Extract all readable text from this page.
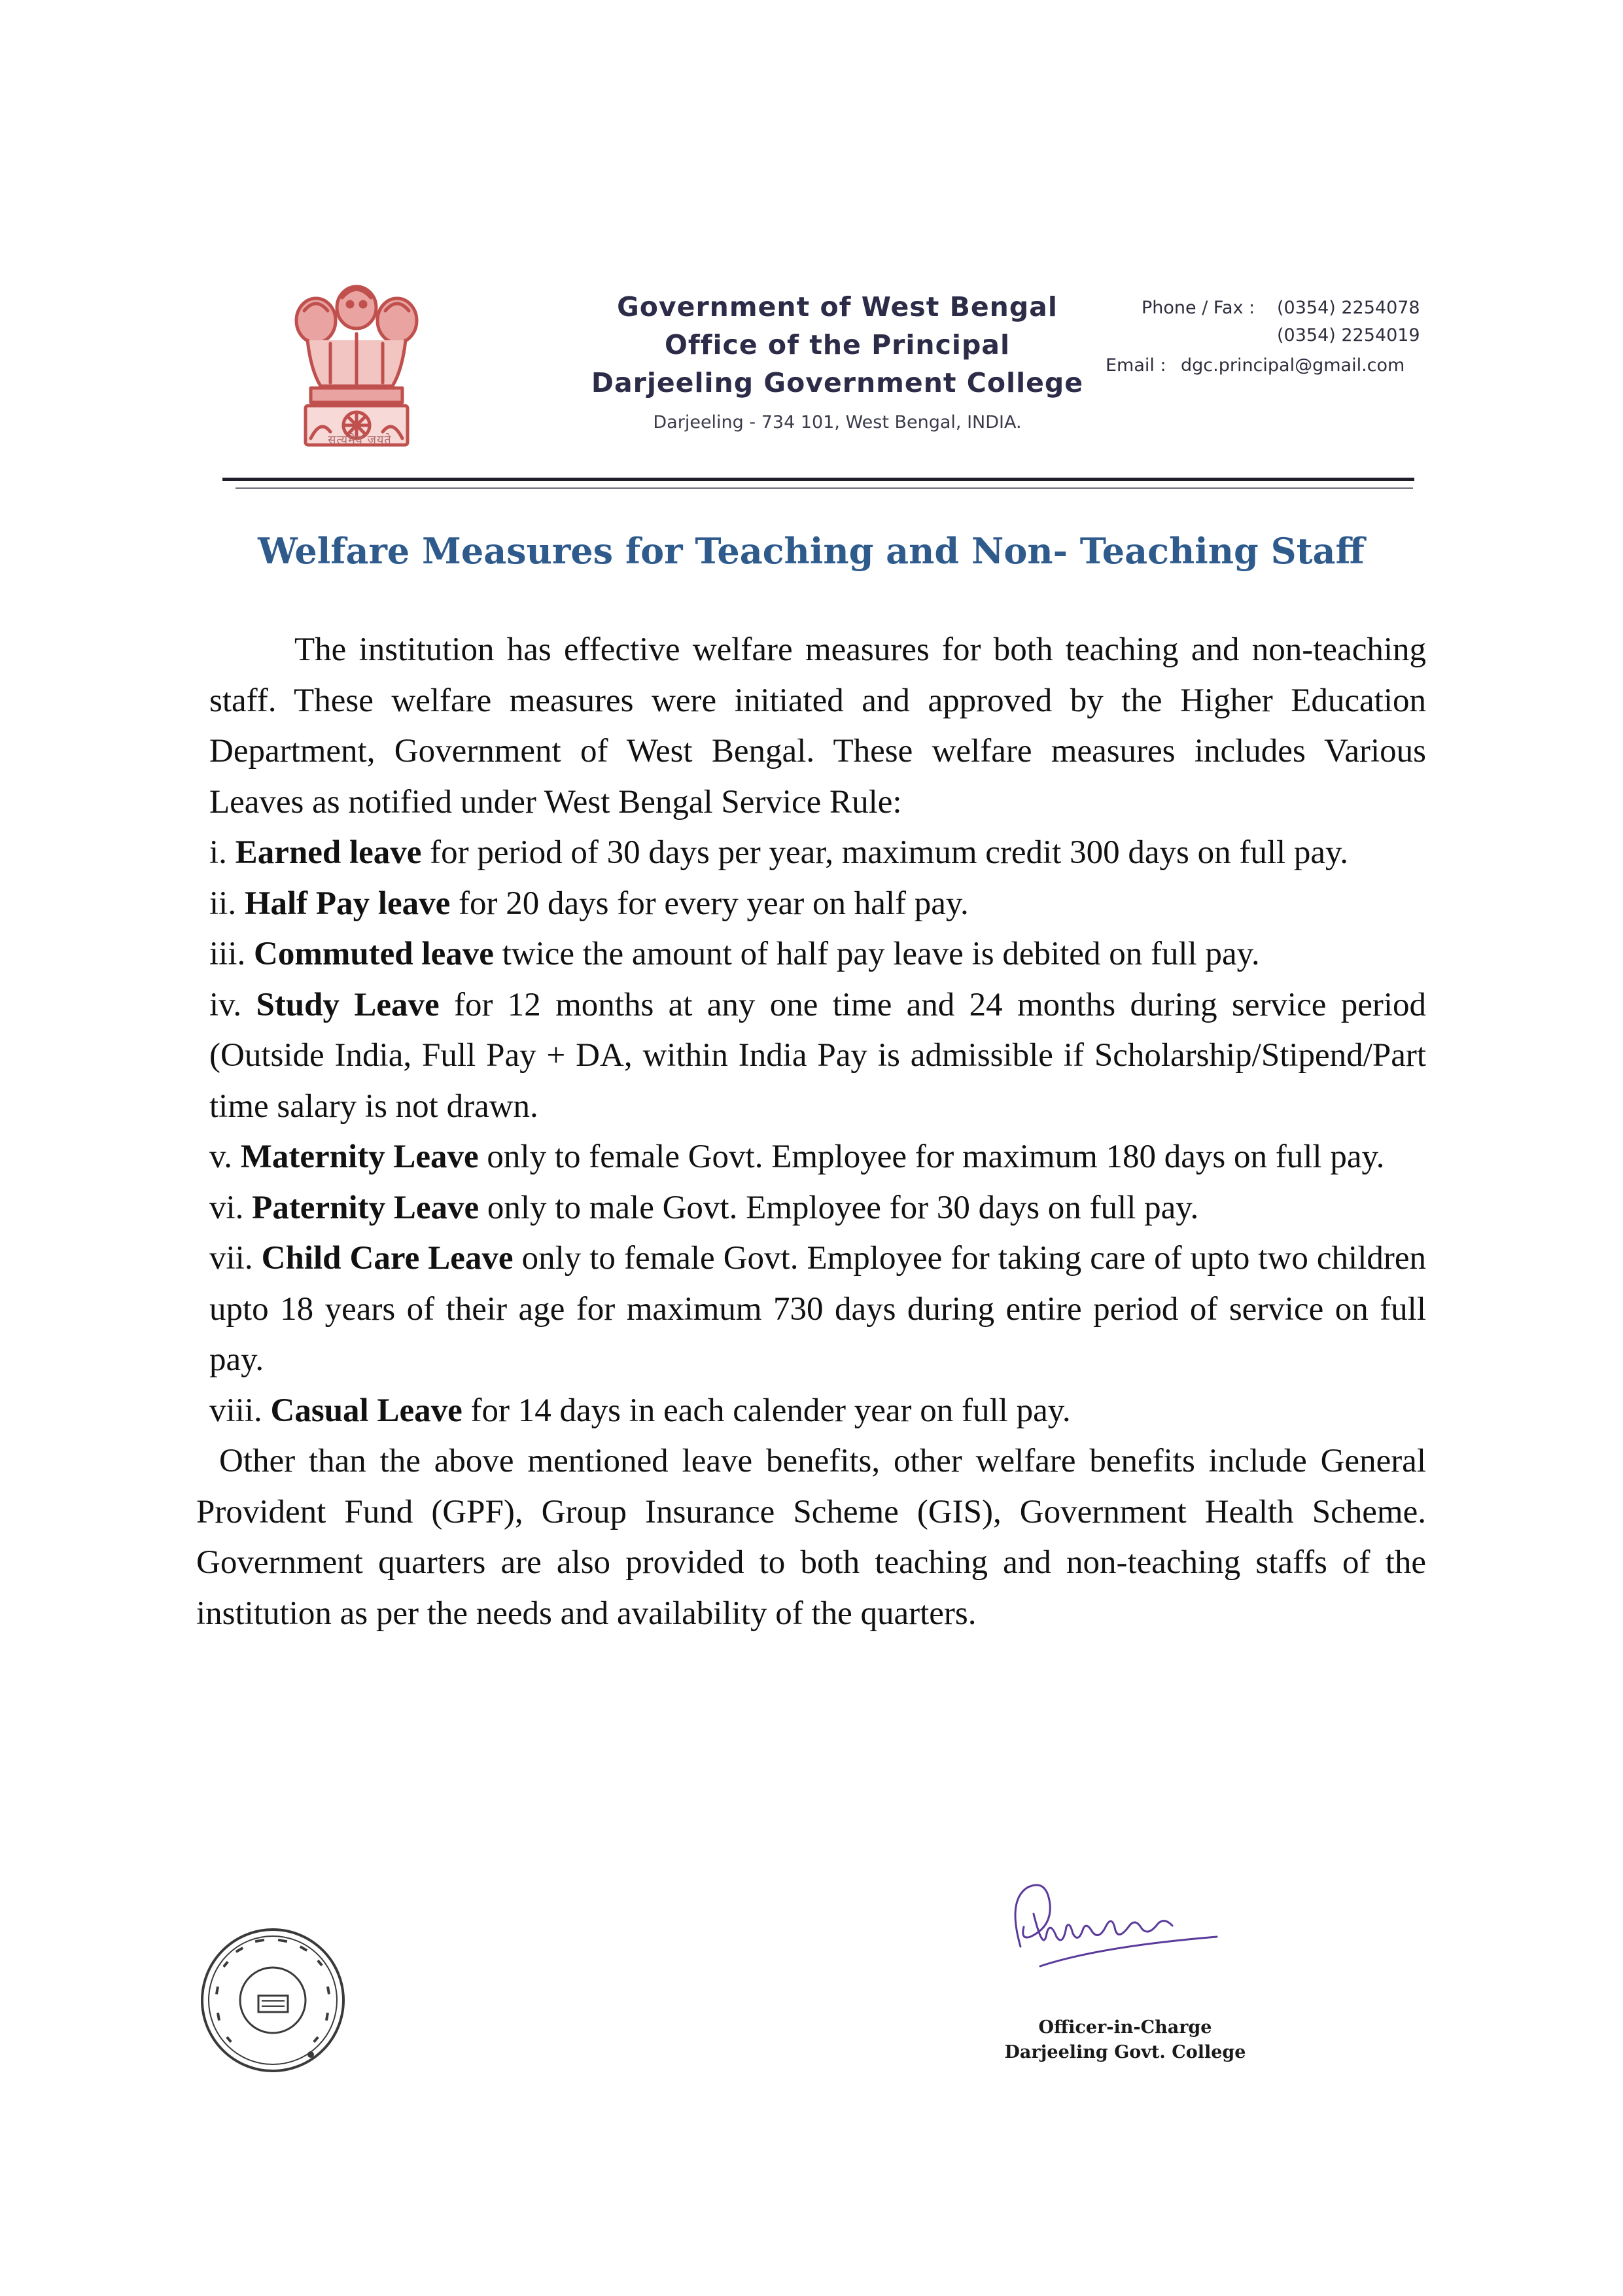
सत्यमेव जयते
Government of West Bengal
Office of the Principal
Darjeeling Government College
Darjeeling - 734 101, West Bengal, INDIA.
Phone / Fax : (0354) 2254078
(0354) 2254019
Email : dgc.principal@gmail.com
Welfare Measures for Teaching and Non- Teaching Staff

The institution has effective welfare measures for both teaching and non-teaching staff. These welfare measures were initiated and approved by the Higher Education Department, Government of West Bengal. These welfare measures includes Various Leaves as notified under West Bengal Service Rule:

i. Earned leave for period of 30 days per year, maximum credit 300 days on full pay.

ii. Half Pay leave for 20 days for every year on half pay.

iii. Commuted leave twice the amount of half pay leave is debited on full pay.

iv. Study Leave for 12 months at any one time and 24 months during service period (Outside India, Full Pay + DA, within India Pay is admissible if Scholarship/Stipend/Part time salary is not drawn.

v. Maternity Leave only to female Govt. Employee for maximum 180 days on full pay.

vi. Paternity Leave only to male Govt. Employee for 30 days on full pay.

vii. Child Care Leave only to female Govt. Employee for taking care of upto two children upto 18 years of their age for maximum 730 days during entire period of service on full pay.

viii. Casual Leave for 14 days in each calender year on full pay.

Other than the above mentioned leave benefits, other welfare benefits include General Provident Fund (GPF), Group Insurance Scheme (GIS), Government Health Scheme. Government quarters are also provided to both teaching and non-teaching staffs of the institution as per the needs and availability of the quarters.

Officer-in-Charge
Darjeeling Govt. College
